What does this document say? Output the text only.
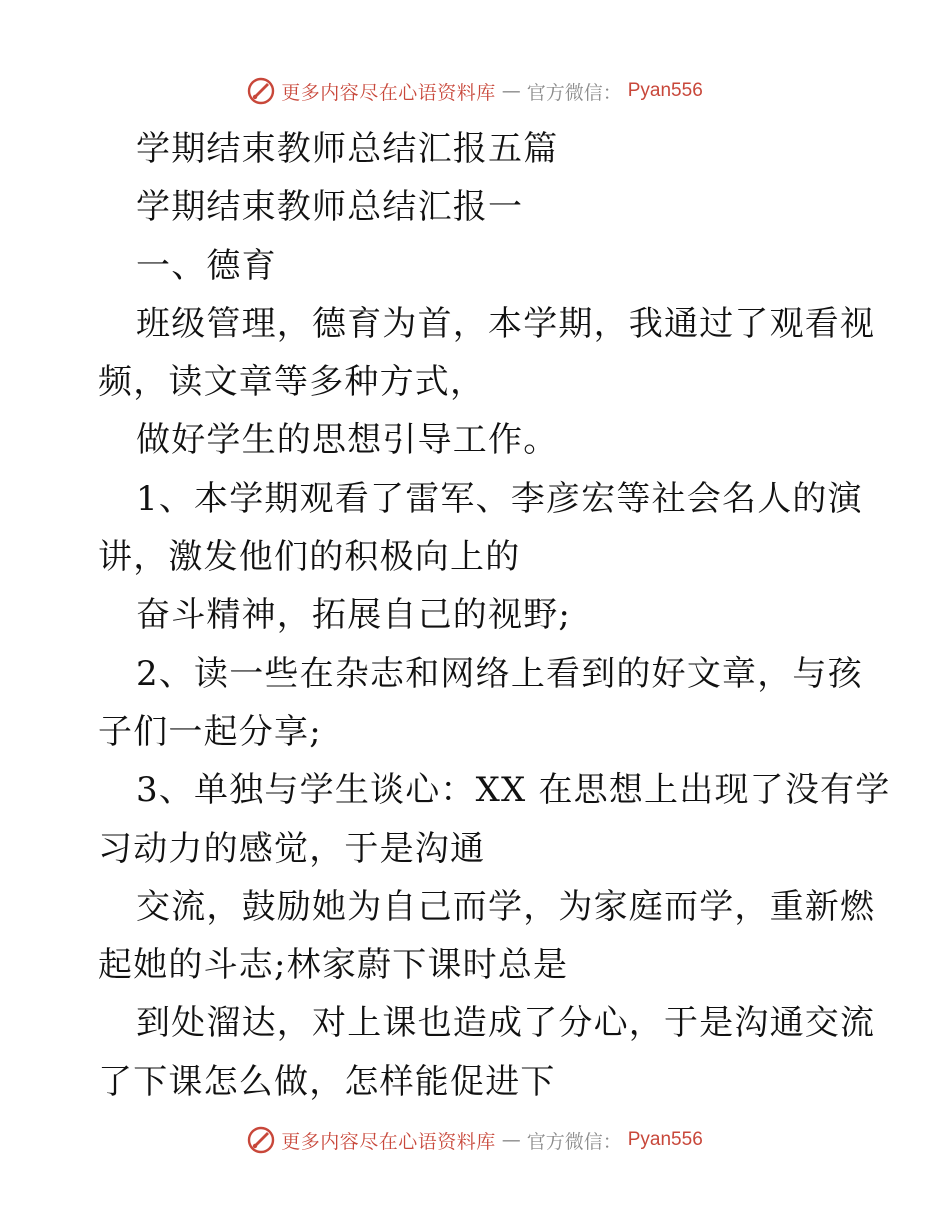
更多内容尽在心语资料库 — 官方微信： Pyan556
学期结束教师总结汇报五篇
学期结束教师总结汇报一
一、德育
班级管理，德育为首，本学期，我通过了观看视
频，读文章等多种方式，
做好学生的思想引导工作。
1、本学期观看了雷军、李彦宏等社会名人的演
讲，激发他们的积极向上的
奋斗精神，拓展自己的视野;
2、读一些在杂志和网络上看到的好文章，与孩
子们一起分享;
3、单独与学生谈心：XX 在思想上出现了没有学
习动力的感觉，于是沟通
交流，鼓励她为自己而学，为家庭而学，重新燃
起她的斗志;林家蔚下课时总是
到处溜达，对上课也造成了分心，于是沟通交流
了下课怎么做，怎样能促进下
更多内容尽在心语资料库 — 官方微信： Pyan556
